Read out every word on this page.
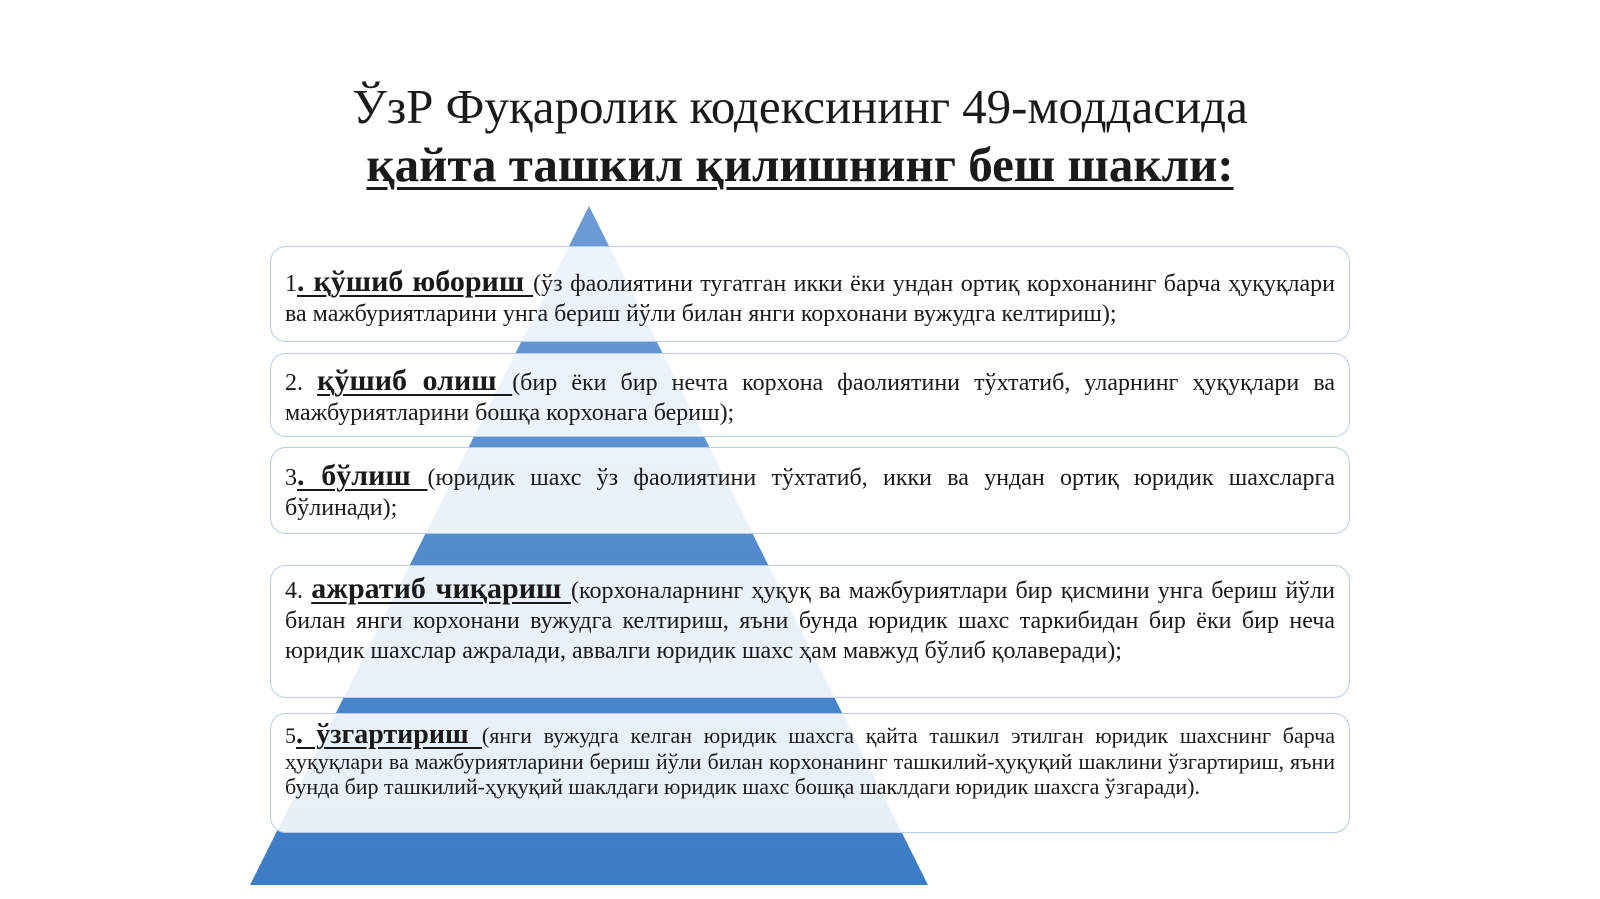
ЎзР Фуқаролик кодексининг 49-моддасида
қайта ташкил қилишнинг беш шакли:
1. қўшиб юбориш (ўз фаолиятини тугатган икки ёки ундан ортиқ корхонанинг барча ҳуқуқлари ва мажбуриятларини унга бериш йўли билан янги корхонани вужудга келтириш);
2. қўшиб олиш (бир ёки бир нечта корхона фаолиятини тўхтатиб, уларнинг ҳуқуқлари ва мажбуриятларини бошқа корхонага бериш);
3. бўлиш (юридик шахс ўз фаолиятини тўхтатиб, икки ва ундан ортиқ юридик шахсларга бўлинади);
4. ажратиб чиқариш (корхоналарнинг ҳуқуқ ва мажбуриятлари бир қисмини унга бериш йўли билан янги корхонани вужудга келтириш, яъни бунда юридик шахс таркибидан бир ёки бир неча юридик шахслар ажралади, аввалги юридик шахс ҳам мавжуд бўлиб қолаверади);
5. ўзгартириш (янги вужудга келган юридик шахсга қайта ташкил этилган юридик шахснинг барча ҳуқуқлари ва мажбуриятларини бериш йўли билан корхонанинг ташкилий-ҳуқуқий шаклини ўзгартириш, яъни бунда бир ташкилий-ҳуқуқий шаклдаги юридик шахс бошқа шаклдаги юридик шахсга ўзгаради).
